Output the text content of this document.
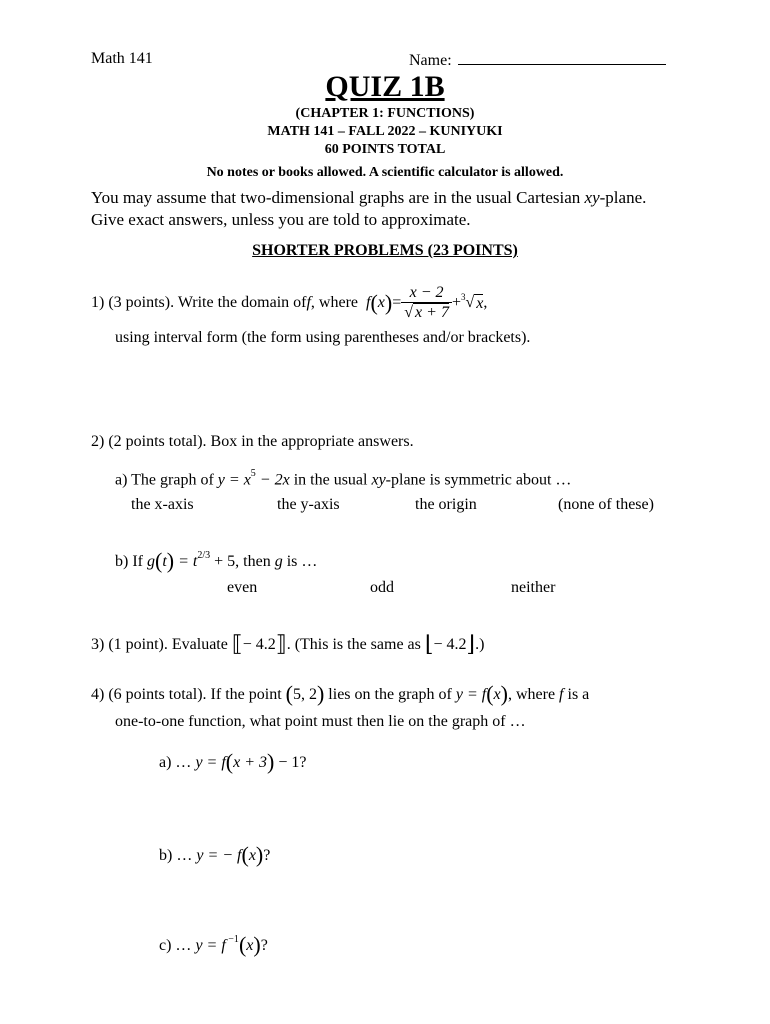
Math 141	Name:
QUIZ 1B
(CHAPTER 1: FUNCTIONS)
MATH 141 – FALL 2022 – KUNIYUKI
60 POINTS TOTAL
No notes or books allowed. A scientific calculator is allowed.
You may assume that two-dimensional graphs are in the usual Cartesian xy-plane.
Give exact answers, unless you are told to approximate.
SHORTER PROBLEMS (23 POINTS)
1) (3 points). Write the domain of f , where f ( x ) = $\frac{x - 2}{√ x + 7} + ^3$ √ x ,
using interval form (the form using parentheses and/or brackets).
2) (2 points total). Box in the appropriate answers.
a) The graph of $y = x^5 - 2x$ in the usual xy-plane is symmetric about …
the x-axis	the y-axis	the origin	(none of these)
b) If $g(t) = t^{2/3} + 5$, then g is …
even	odd	neither
3) (1 point). Evaluate ⟦− 4.2⟧. (This is the same as ⌊− 4.2⌋.)
4) (6 points total). If the point (5, 2) lies on the graph of y = f(x), where f is a
one-to-one function, what point must then lie on the graph of …
a) … y = f(x + 3) − 1?
b) … y = − f(x)?
c) … y = f $^{-1}$(x)?
